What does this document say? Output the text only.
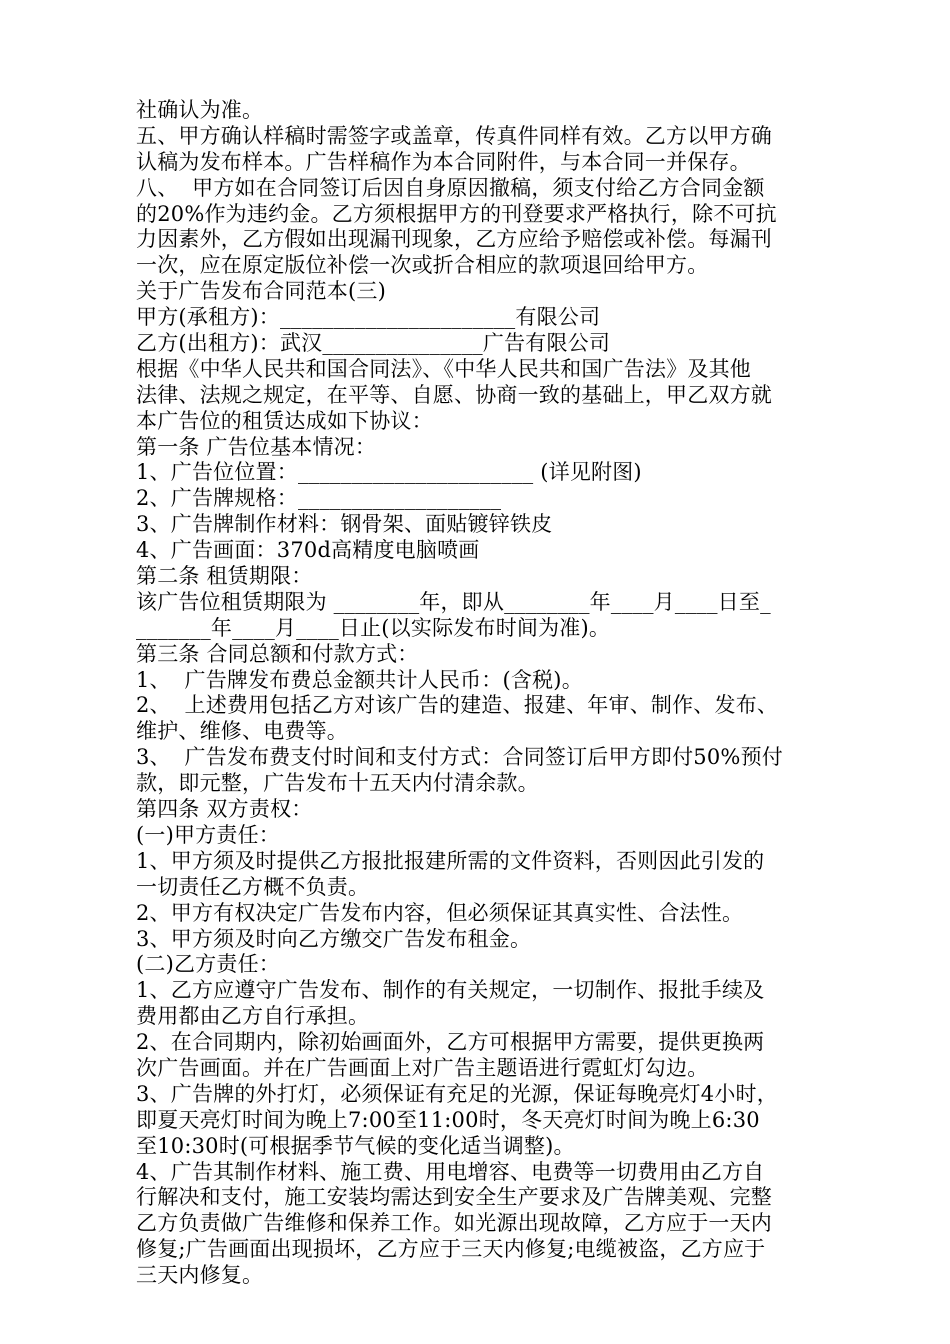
社确认为准。
五、甲方确认样稿时需签字或盖章，传真件同样有效。乙方以甲方确
认稿为发布样本。广告样稿作为本合同附件，与本合同一并保存。
八、  甲方如在合同签订后因自身原因撤稿，须支付给乙方合同金额
的20%作为违约金。乙方须根据甲方的刊登要求严格执行，除不可抗
力因素外，乙方假如出现漏刊现象，乙方应给予赔偿或补偿。每漏刊
一次，应在原定版位补偿一次或折合相应的款项退回给甲方。
关于广告发布合同范本(三)
甲方(承租方)：______________________有限公司
乙方(出租方)：武汉_______________广告有限公司
根据《中华人民共和国合同法》、《中华人民共和国广告法》及其他
法律、法规之规定，在平等、自愿、协商一致的基础上，甲乙双方就
本广告位的租赁达成如下协议：
第一条 广告位基本情况：
1、广告位位置：______________________ (详见附图)
2、广告牌规格：___________________
3、广告牌制作材料：钢骨架、面贴镀锌铁皮
4、广告画面：370d高精度电脑喷画
第二条 租赁期限：
该广告位租赁期限为 ________年，即从________年____月____日至_
_______年____月____日止(以实际发布时间为准)。
第三条 合同总额和付款方式：
1、  广告牌发布费总金额共计人民币：(含税)。
2、  上述费用包括乙方对该广告的建造、报建、年审、制作、发布、
维护、维修、电费等。
3、  广告发布费支付时间和支付方式：合同签订后甲方即付50%预付
款，即元整，广告发布十五天内付清余款。
第四条 双方责权：
(一)甲方责任：
1、甲方须及时提供乙方报批报建所需的文件资料，否则因此引发的
一切责任乙方概不负责。
2、甲方有权决定广告发布内容，但必须保证其真实性、合法性。
3、甲方须及时向乙方缴交广告发布租金。
(二)乙方责任：
1、乙方应遵守广告发布、制作的有关规定，一切制作、报批手续及
费用都由乙方自行承担。
2、在合同期内，除初始画面外，乙方可根据甲方需要，提供更换两
次广告画面。并在广告画面上对广告主题语进行霓虹灯勾边。
3、广告牌的外打灯，必须保证有充足的光源，保证每晚亮灯4小时，
即夏天亮灯时间为晚上7:00至11:00时，冬天亮灯时间为晚上6:30
至10:30时(可根据季节气候的变化适当调整)。
4、广告其制作材料、施工费、用电增容、电费等一切费用由乙方自
行解决和支付，施工安装均需达到安全生产要求及广告牌美观、完整
乙方负责做广告维修和保养工作。如光源出现故障，乙方应于一天内
修复;广告画面出现损坏，乙方应于三天内修复;电缆被盗，乙方应于
三天内修复。
